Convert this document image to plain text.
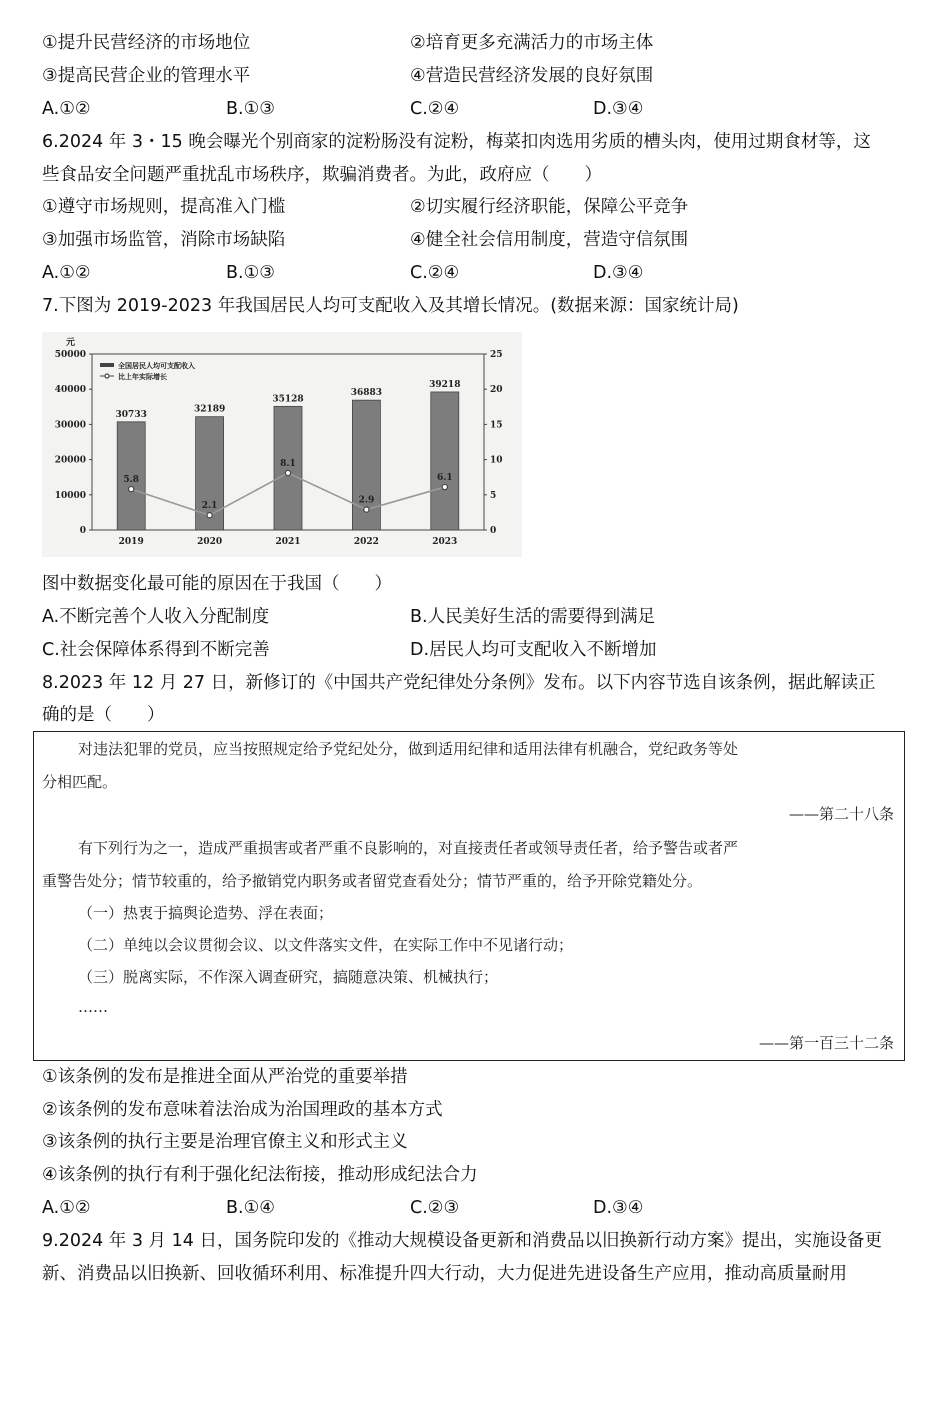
①提升民营经济的市场地位	②培育更多充满活力的市场主体
③提高民营企业的管理水平	④营造民营经济发展的良好氛围
A.①②	B.①③	C.②④	D.③④
6.2024 年 3・15 晚会曝光个别商家的淀粉肠没有淀粉，梅菜扣肉选用劣质的槽头肉，使用过期食材等，这
些食品安全问题严重扰乱市场秩序，欺骗消费者。为此，政府应（　　）
①遵守市场规则，提高准入门槛	②切实履行经济职能，保障公平竞争
③加强市场监管，消除市场缺陷	④健全社会信用制度，营造守信氛围
A.①②	B.①③	C.②④	D.③④
7.下图为 2019-2023 年我国居民人均可支配收入及其增长情况。(数据来源：国家统计局)
0
10000
20000
30000
40000
50000
元
0
5
10
15
20
25
30733
2019
32189
2020
35128
2021
36883
2022
39218
2023
5.8
2.1
8.1
2.9
6.1
全国居民人均可支配收入
比上年实际增长
图中数据变化最可能的原因在于我国（　　）
A.不断完善个人收入分配制度	B.人民美好生活的需要得到满足
C.社会保障体系得到不断完善	D.居民人均可支配收入不断增加
8.2023 年 12 月 27 日，新修订的《中国共产党纪律处分条例》发布。以下内容节选自该条例，据此解读正
确的是（　　）
对违法犯罪的党员，应当按照规定给予党纪处分，做到适用纪律和适用法律有机融合，党纪政务等处
分相匹配。
——第二十八条
有下列行为之一，造成严重损害或者严重不良影响的，对直接责任者或领导责任者，给予警告或者严
重警告处分；情节较重的，给予撤销党内职务或者留党查看处分；情节严重的，给予开除党籍处分。
（一）热衷于搞舆论造势、浮在表面；
（二）单纯以会议贯彻会议、以文件落实文件，在实际工作中不见诸行动；
（三）脱离实际，不作深入调查研究，搞随意决策、机械执行；
……
——第一百三十二条
①该条例的发布是推进全面从严治党的重要举措
②该条例的发布意味着法治成为治国理政的基本方式
③该条例的执行主要是治理官僚主义和形式主义
④该条例的执行有利于强化纪法衔接，推动形成纪法合力
A.①②	B.①④	C.②③	D.③④
9.2024 年 3 月 14 日，国务院印发的《推动大规模设备更新和消费品以旧换新行动方案》提出，实施设备更
新、消费品以旧换新、回收循环利用、标准提升四大行动，大力促进先进设备生产应用，推动高质量耐用
